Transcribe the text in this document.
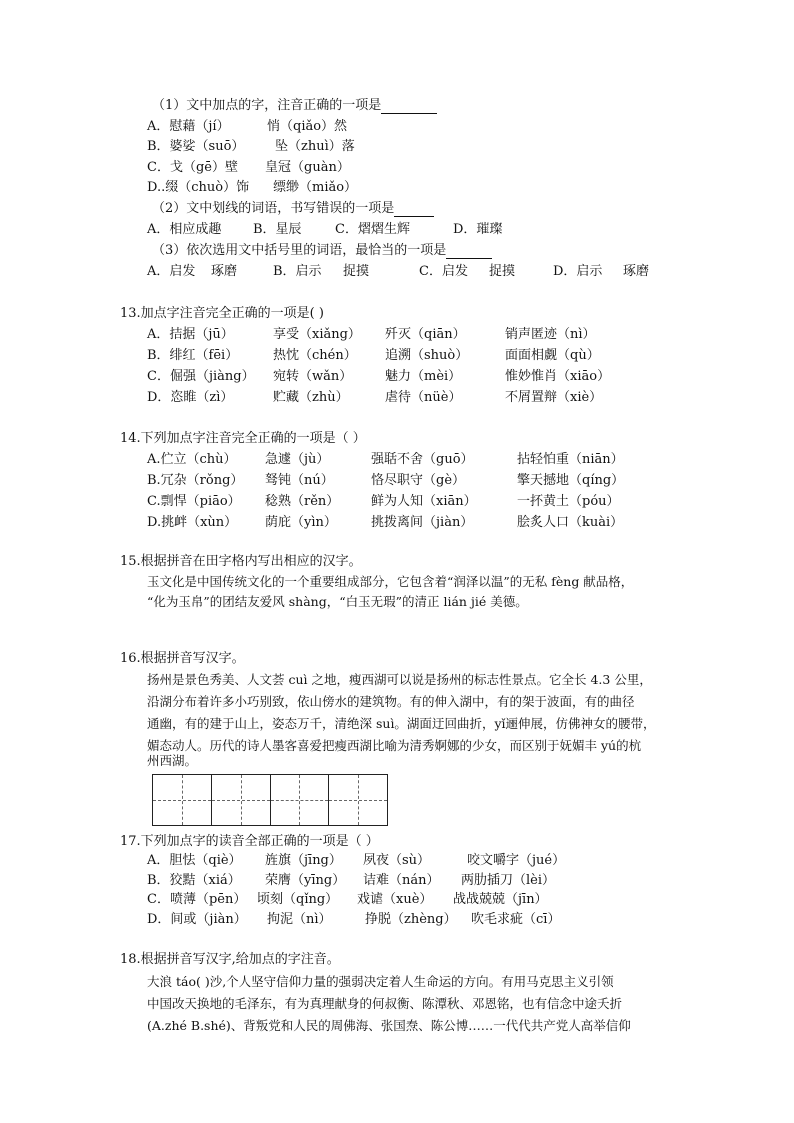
（1）文中加点的字，注音正确的一项是
A．慰藉（jí）	悄（qiǎo）然
B．婆娑（suō） 坠（zhuì）落
C．戈（gē）壁 皇冠（guàn）
D..缀（chuò）饰 缥缈（miǎo）
（2）文中划线的词语，书写错误的一项是
A．相应成趣 B．星辰	C．熠熠生辉	D．璀璨
（3）依次选用文中括号里的词语，最恰当的一项是
A．启发 琢磨	B．启示 捉摸	C．启发 捉摸	D．启示 琢磨
13.加点字注音完全正确的一项是( )
A．拮据（jū）	享受（xiǎng） 歼灭（qiān）	销声匿迹（nì）
B．绯红（fēi）	热忱（chén） 追溯（shuò）	面面相觑（qù）
C．倔强（jiàng） 宛转（wǎn）	魅力（mèi）	惟妙惟肖（xiāo）
D．恣睢（zì）	贮藏（zhù）	虐待（nüè）	不屑置辩（xiè）
14.下列加点字注音完全正确的一项是（ ）
A.伫立（chù） 急遽（jù）	强聒不舍（guō）	拈轻怕重（niān）
B.冗杂（rǒng） 驽钝（nú）	恪尽职守（gè）	擎天撼地（qíng）
C.剽悍（piāo） 稔熟（rěn） 鲜为人知（xiān）	一抔黄土（póu）
D.挑衅（xùn） 荫庇（yìn）	挑拨离间（jiàn）	脍炙人口（kuài）
15.根据拼音在田字格内写出相应的汉字。
玉文化是中国传统文化的一个重要组成部分，它包含着“润泽以温”的无私 fèng 献品格，
“化为玉帛”的团结友爱风 shàng，“白玉无瑕”的清正 lián jié 美德。
16.根据拼音写汉字。
扬州是景色秀美、人文荟 cuì 之地，瘦西湖可以说是扬州的标志性景点。它全长 4.3 公里，
沿湖分布着许多小巧别致，依山傍水的建筑物。有的伸入湖中，有的架于波面，有的曲径
通幽，有的建于山上，姿态万千，清绝深 suì。湖面迂回曲折，yǐ逦伸展，仿佛神女的腰带，
媚态动人。历代的诗人墨客喜爱把瘦西湖比喻为清秀婀娜的少女，而区别于妩媚丰 yú的杭
州西湖。
17.下列加点字的读音全部正确的一项是（ ）
A．胆怯（qiè） 旌旗（jīng） 夙夜（sù）	咬文嚼字（jué）
B．狡黠（xiá） 荣膺（yīng） 诘难（nán） 两肋插刀（lèi）
C．喷薄（pēn） 顷刻（qǐng） 戏谑（xuè） 战战兢兢（jīn）
D．间或（jiàn） 拘泥（nì）	挣脱（zhèng） 吹毛求疵（cī）
18.根据拼音写汉字,给加点的字注音。
大浪 táo( )沙,个人坚守信仰力量的强弱决定着人生命运的方向。有用马克思主义引领
中国改天换地的毛泽东，有为真理献身的何叔衡、陈潭秋、邓恩铭，也有信念中途夭折
(A.zhé B.shé)、背叛党和人民的周佛海、张国焘、陈公博……一代代共产党人高举信仰
